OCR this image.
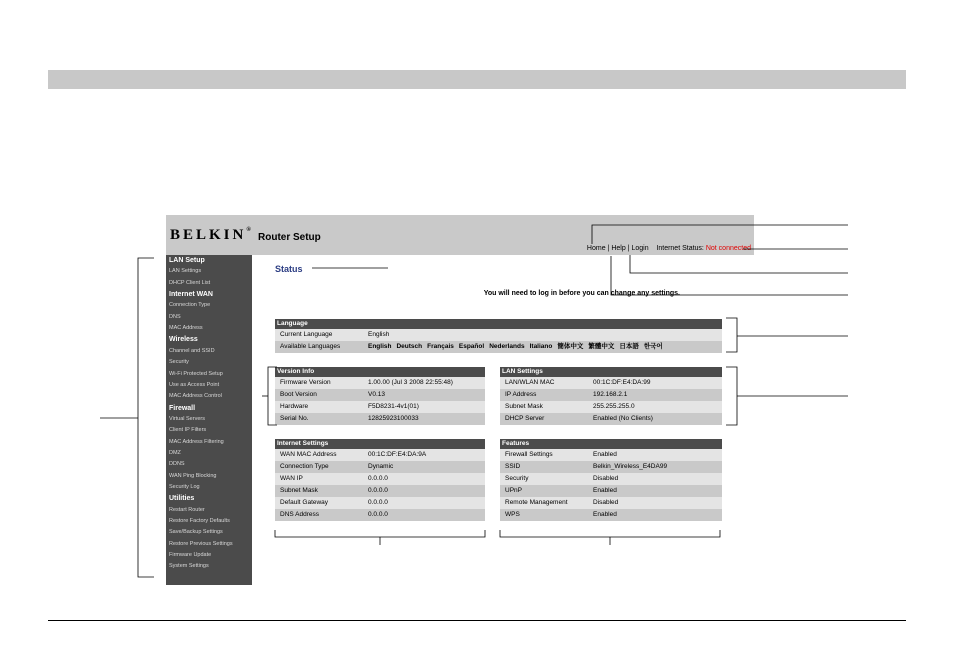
BELKIN®
Router Setup
Home | Help | Login Internet Status: Not connected
LAN Setup
LAN Settings
DHCP Client List
Internet WAN
Connection Type
DNS
MAC Address
Wireless
Channel and SSID
Security
Wi-Fi Protected Setup
Use as Access Point
MAC Address Control
Firewall
Virtual Servers
Client IP Filters
MAC Address Filtering
DMZ
DDNS
WAN Ping Blocking
Security Log
Utilities
Restart Router
Restore Factory Defaults
Save/Backup Settings
Restore Previous Settings
Firmware Update
System Settings
Status
You will need to log in before you can change any settings.
Language
Current Language	English
Available Languages	English Deutsch Français Español Nederlands Italiano 簡体中文 繁體中文 日本語 한국어
Version Info
Firmware Version	1.00.00 (Jul 3 2008 22:55:48)
Boot Version	V0.13
Hardware	F5D8231-4v1(01)
Serial No.	12825923100033
LAN Settings
LAN/WLAN MAC	00:1C:DF:E4:DA:99
IP Address	192.168.2.1
Subnet Mask	255.255.255.0
DHCP Server	Enabled (No Clients)
Internet Settings
WAN MAC Address	00:1C:DF:E4:DA:9A
Connection Type	Dynamic
WAN IP	0.0.0.0
Subnet Mask	0.0.0.0
Default Gateway	0.0.0.0
DNS Address	0.0.0.0
Features
Firewall Settings	Enabled
SSID	Belkin_Wireless_E4DA99
Security	Disabled
UPnP	Enabled
Remote Management	Disabled
WPS	Enabled
